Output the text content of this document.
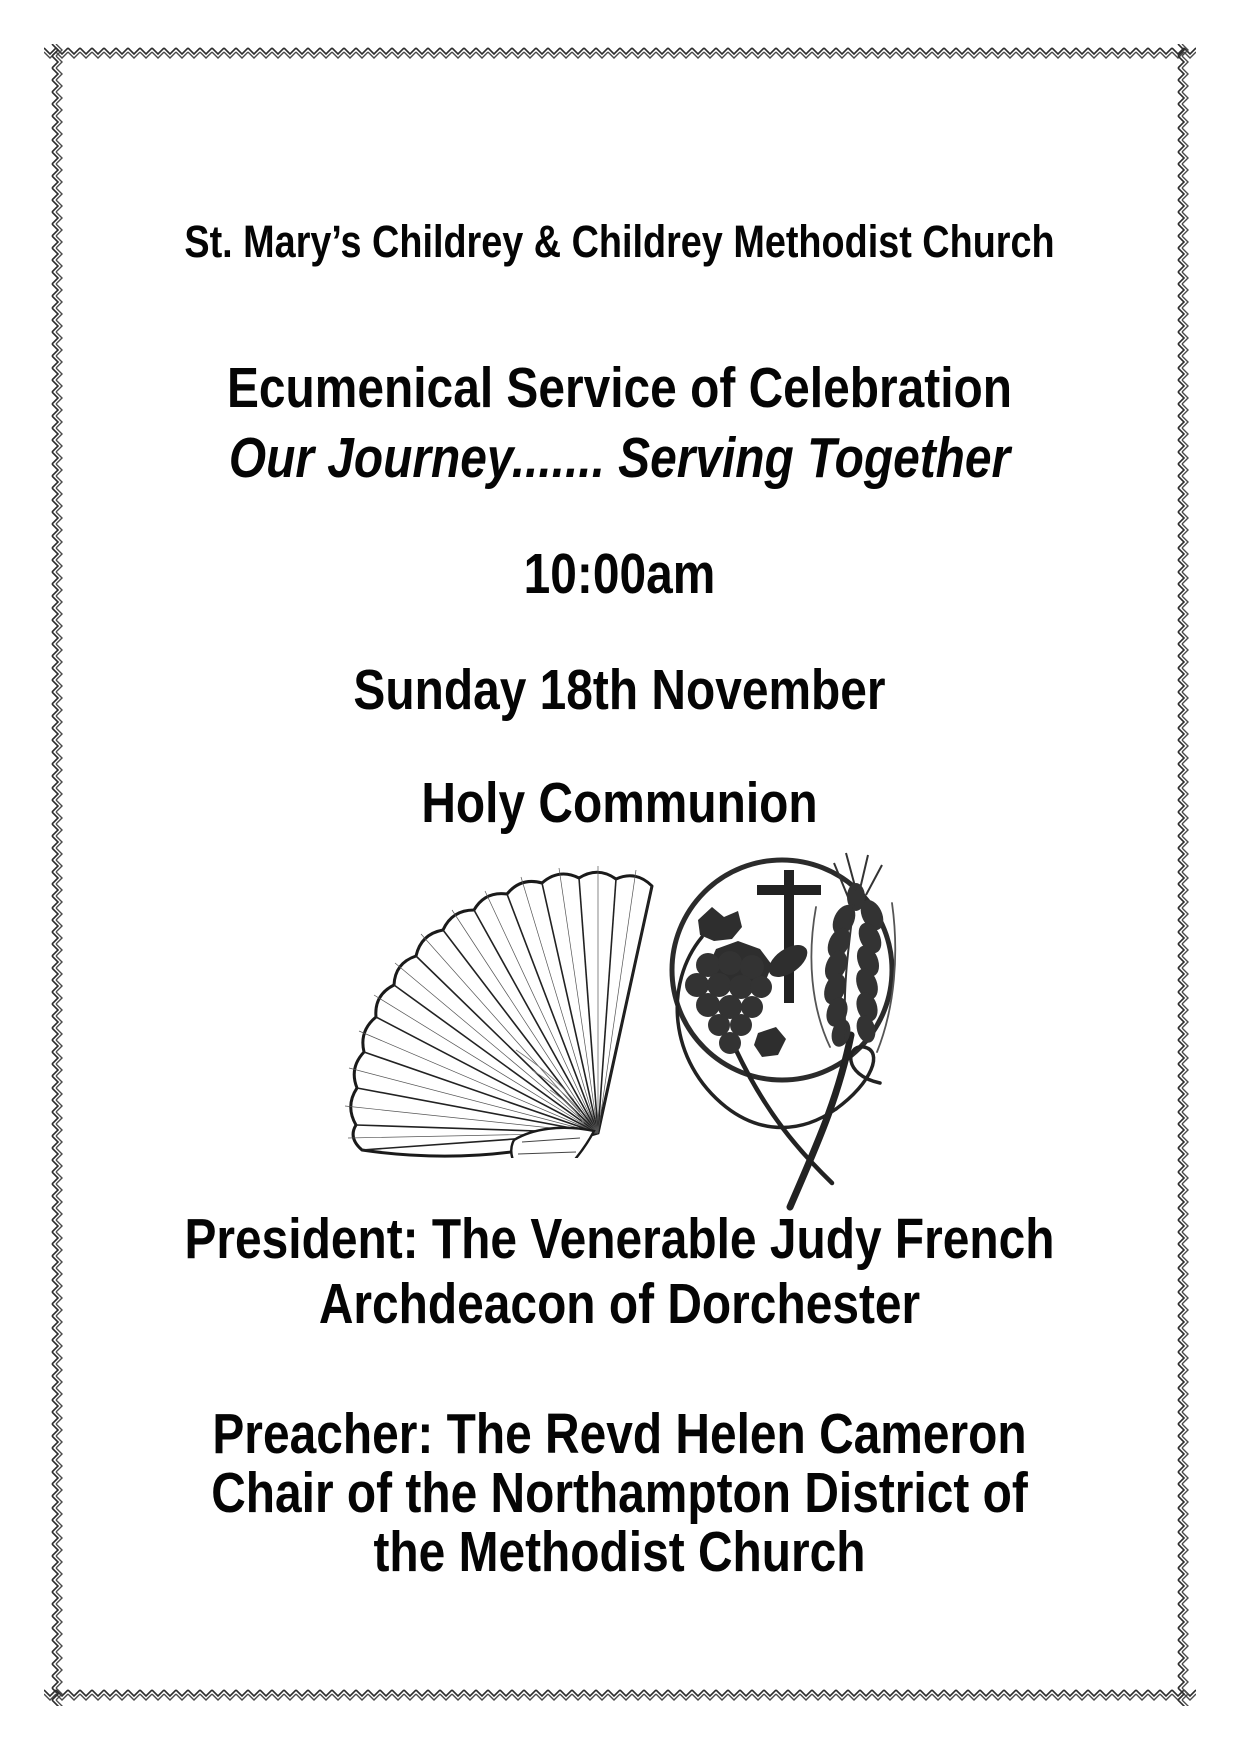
St. Mary’s Childrey & Childrey Methodist Church
Ecumenical Service of Celebration
Our Journey....... Serving Together
10:00am
Sunday 18th November
Holy Communion
President: The Venerable Judy French
Archdeacon of Dorchester
Preacher: The Revd Helen Cameron
Chair of the Northampton District of
the Methodist Church
